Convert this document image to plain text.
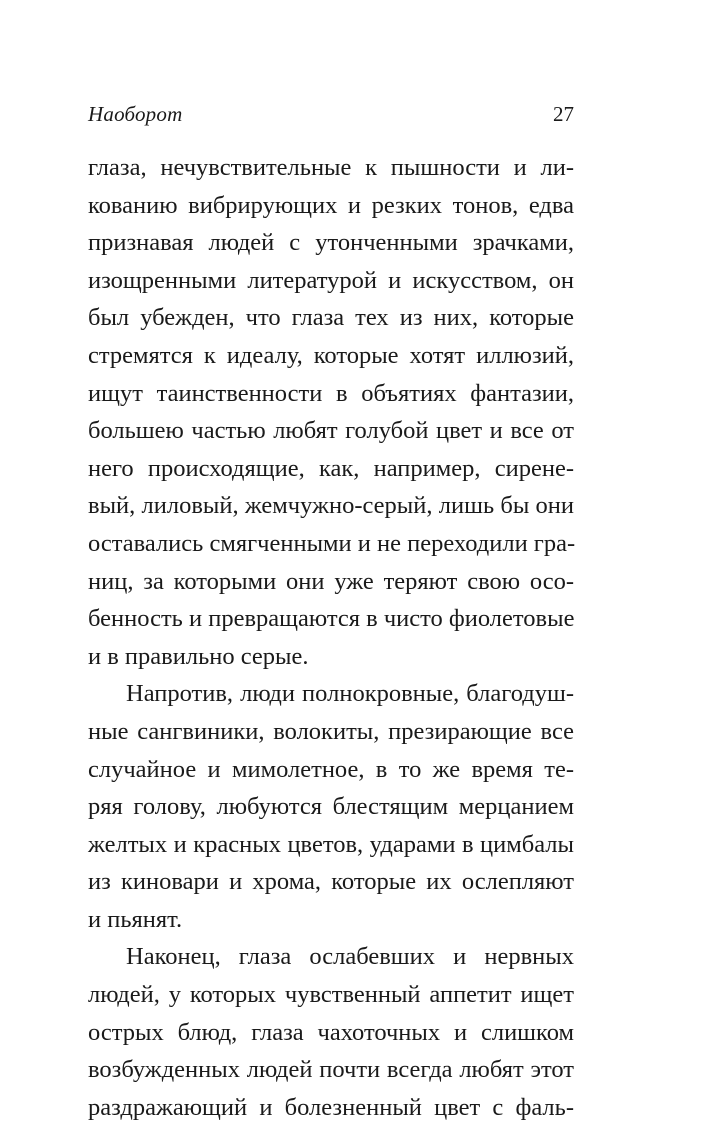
Наоборот	27
глаза, нечувствительные к пышности и ли-
кованию вибрирующих и резких тонов, едва
признавая людей с утонченными зрачками,
изощренными литературой и искусством, он
был убежден, что глаза тех из них, которые
стремятся к идеалу, которые хотят иллюзий,
ищут таинственности в объятиях фантазии,
большею частью любят голубой цвет и все от
него происходящие, как, например, сирене-
вый, лиловый, жемчужно-серый, лишь бы они
оставались смягченными и не переходили гра-
ниц, за которыми они уже теряют свою осо-
бенность и превращаются в чисто фиолетовые
и в правильно серые.
Напротив, люди полнокровные, благодуш-
ные сангвиники, волокиты, презирающие все
случайное и мимолетное, в то же время те-
ряя голову, любуются блестящим мерцанием
желтых и красных цветов, ударами в цимбалы
из киновари и хрома, которые их ослепляют
и пьянят.
Наконец, глаза ослабевших и нервных
людей, у которых чувственный аппетит ищет
острых блюд, глаза чахоточных и слишком
возбужденных людей почти всегда любят этот
раздражающий и болезненный цвет с фаль-
